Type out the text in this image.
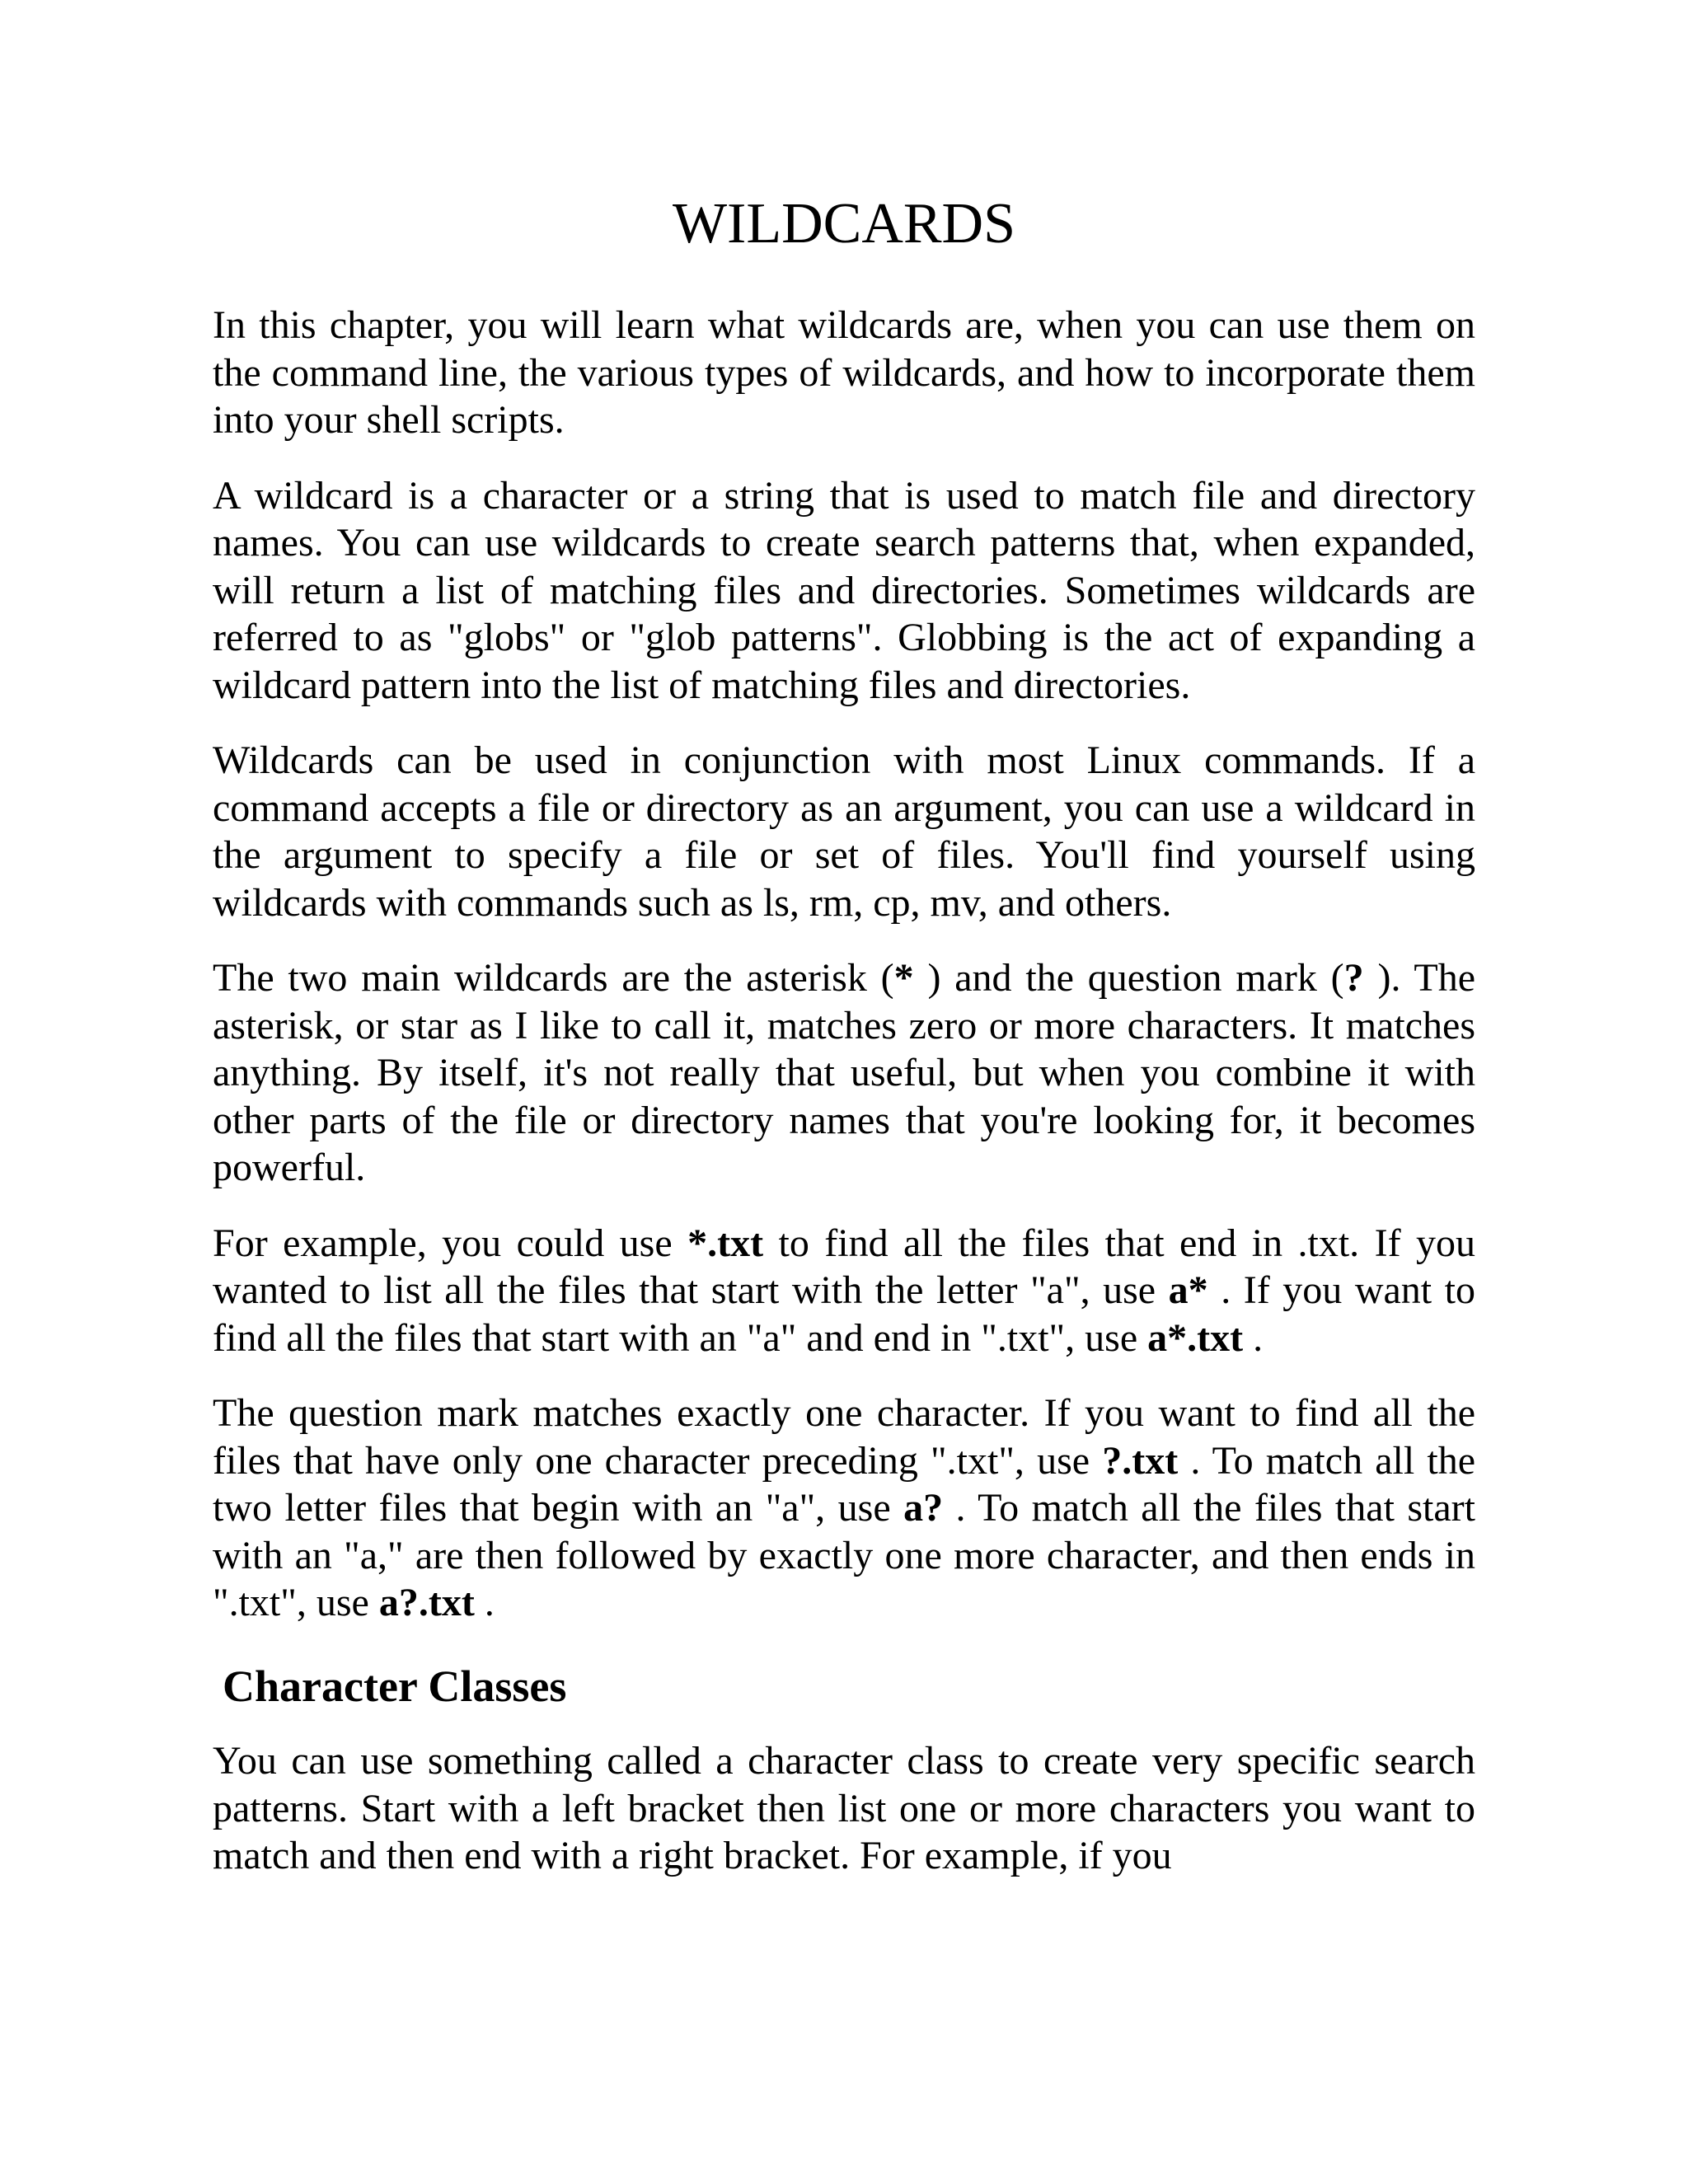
WILDCARDS

In this chapter, you will learn what wildcards are, when you can use them on the command line, the various types of wildcards, and how to incorporate them into your shell scripts.

A wildcard is a character or a string that is used to match file and directory names. You can use wildcards to create search patterns that, when expanded, will return a list of matching files and directories. Sometimes wildcards are referred to as "globs" or "glob patterns". Globbing is the act of expanding a wildcard pattern into the list of matching files and directories.

Wildcards can be used in conjunction with most Linux commands. If a command accepts a file or directory as an argument, you can use a wildcard in the argument to specify a file or set of files. You'll find yourself using wildcards with commands such as ls, rm, cp, mv, and others.

The two main wildcards are the asterisk (* ) and the question mark (? ). The asterisk, or star as I like to call it, matches zero or more characters. It matches anything. By itself, it's not really that useful, but when you combine it with other parts of the file or directory names that you're looking for, it becomes powerful.

For example, you could use *.txt to find all the files that end in .txt. If you wanted to list all the files that start with the letter "a", use a* . If you want to find all the files that start with an "a" and end in ".txt", use a*.txt .

The question mark matches exactly one character. If you want to find all the files that have only one character preceding ".txt", use ?.txt . To match all the two letter files that begin with an "a", use a? . To match all the files that start with an "a," are then followed by exactly one more character, and then ends in ".txt", use a?.txt .

Character Classes

You can use something called a character class to create very specific search patterns. Start with a left bracket then list one or more characters you want to match and then end with a right bracket. For example, if you
